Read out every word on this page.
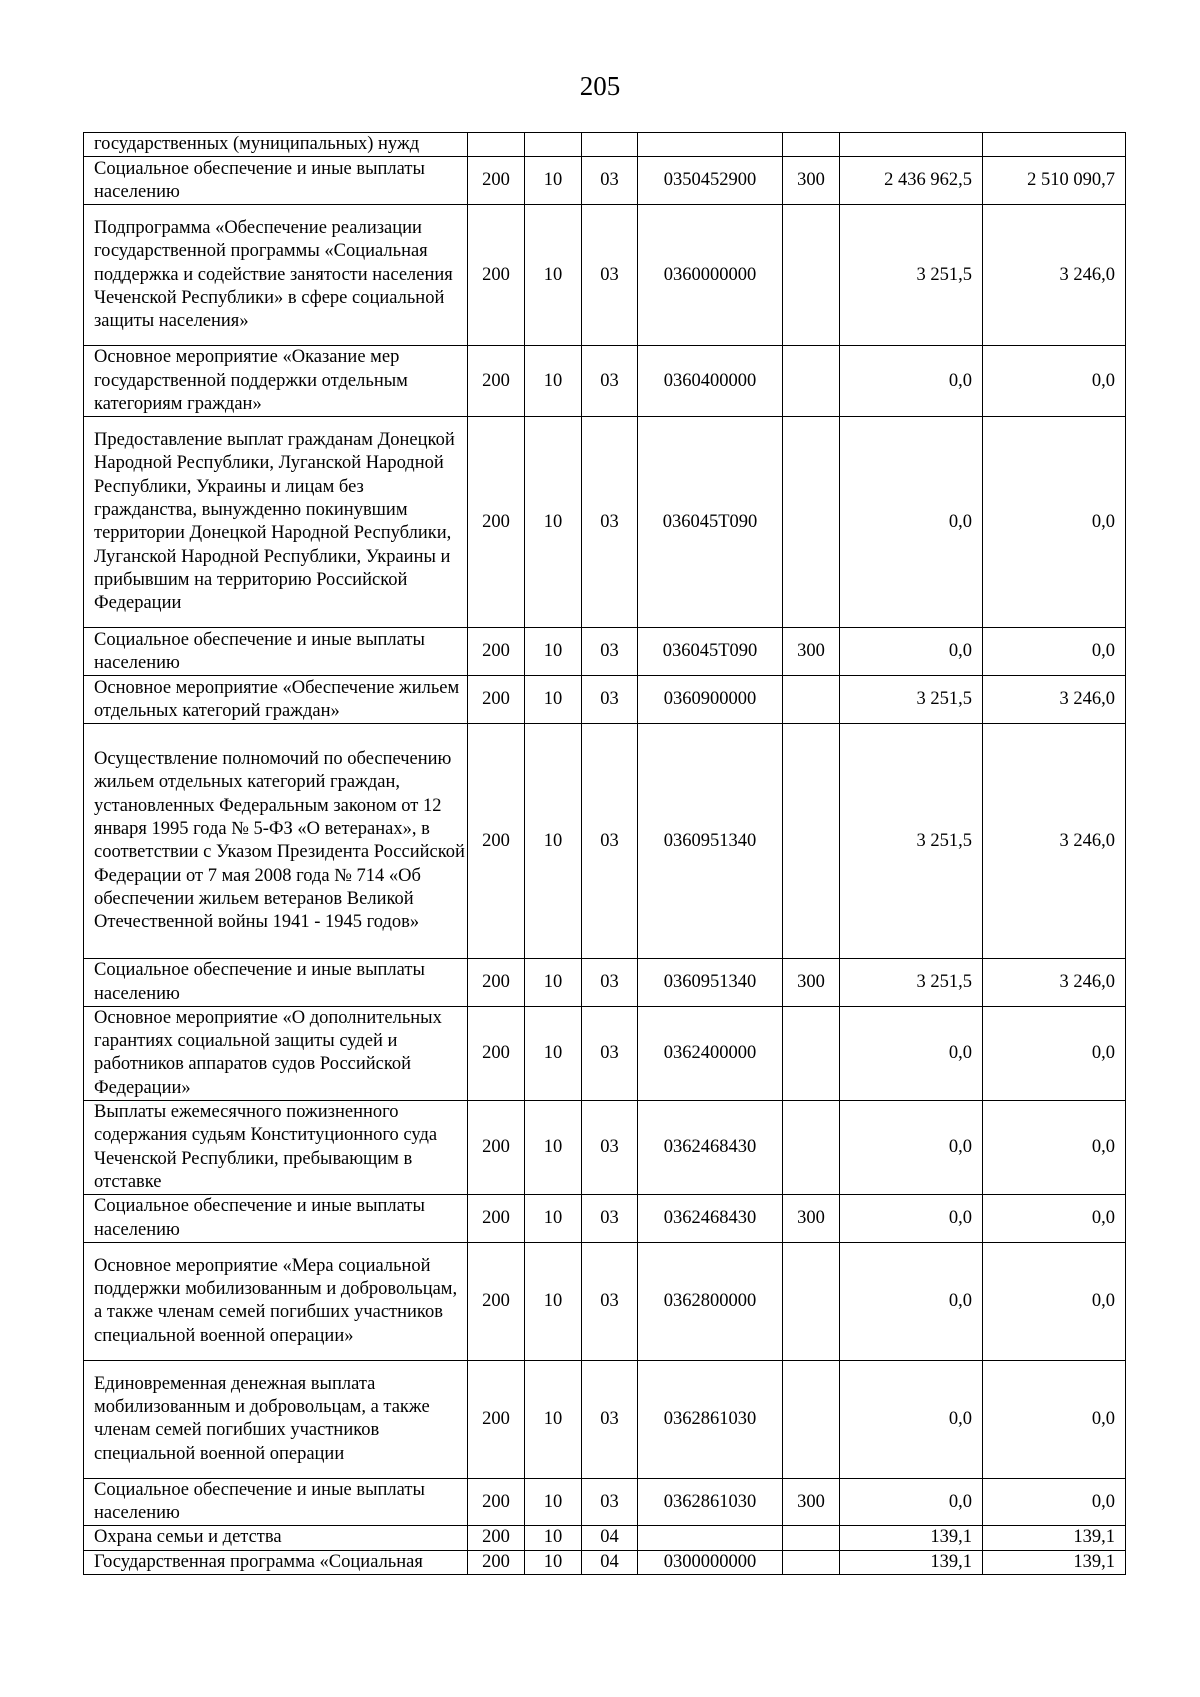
205
государственных (муниципальных) нужд							
Социальное обеспечение и иные выплаты населению	200	10	03	0350452900	300	2 436 962,5	2 510 090,7
Подпрограмма «Обеспечение реализации государственной программы «Социальная поддержка и содействие занятости населения Чеченской Республики» в сфере социальной защиты населения»	200	10	03	0360000000		3 251,5	3 246,0
Основное мероприятие «Оказание мер государственной поддержки отдельным категориям граждан»	200	10	03	0360400000		0,0	0,0
Предоставление выплат гражданам Донецкой Народной Республики, Луганской Народной Республики, Украины и лицам без гражданства, вынужденно покинувшим территории Донецкой Народной Республики, Луганской Народной Республики, Украины и прибывшим на территорию Российской Федерации	200	10	03	036045Т090		0,0	0,0
Социальное обеспечение и иные выплаты населению	200	10	03	036045Т090	300	0,0	0,0
Основное мероприятие «Обеспечение жильем отдельных категорий граждан»	200	10	03	0360900000		3 251,5	3 246,0
Осуществление полномочий по обеспечению жильем отдельных категорий граждан, установленных Федеральным законом от 12 января 1995 года № 5-ФЗ «О ветеранах», в соответствии с Указом Президента Российской Федерации от 7 мая 2008 года № 714 «Об обеспечении жильем ветеранов Великой Отечественной войны 1941 - 1945 годов»	200	10	03	0360951340		3 251,5	3 246,0
Социальное обеспечение и иные выплаты населению	200	10	03	0360951340	300	3 251,5	3 246,0
Основное мероприятие «О дополнительных гарантиях социальной защиты судей и работников аппаратов судов Российской Федерации»	200	10	03	0362400000		0,0	0,0
Выплаты ежемесячного пожизненного содержания судьям Конституционного суда Чеченской Республики, пребывающим в отставке	200	10	03	0362468430		0,0	0,0
Социальное обеспечение и иные выплаты населению	200	10	03	0362468430	300	0,0	0,0
Основное мероприятие «Мера социальной поддержки мобилизованным и добровольцам, а также членам семей погибших участников специальной военной операции»	200	10	03	0362800000		0,0	0,0
Единовременная денежная выплата мобилизованным и добровольцам, а также членам семей погибших участников специальной военной операции	200	10	03	0362861030		0,0	0,0
Социальное обеспечение и иные выплаты населению	200	10	03	0362861030	300	0,0	0,0
Охрана семьи и детства	200	10	04			139,1	139,1
Государственная программа «Социальная	200	10	04	0300000000		139,1	139,1
